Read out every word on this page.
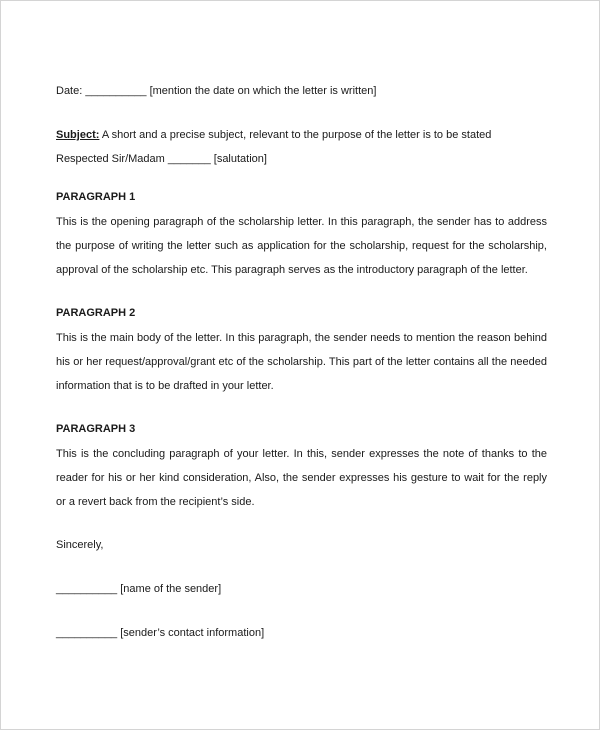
Date: __________ [mention the date on which the letter is written]

Subject: A short and a precise subject, relevant to the purpose of the letter is to be stated

Respected Sir/Madam _______ [salutation]

PARAGRAPH 1

This is the opening paragraph of the scholarship letter. In this paragraph, the sender has to address the purpose of writing the letter such as application for the scholarship, request for the scholarship, approval of the scholarship etc. This paragraph serves as the introductory paragraph of the letter.

PARAGRAPH 2

This is the main body of the letter. In this paragraph, the sender needs to mention the reason behind his or her request/approval/grant etc of the scholarship. This part of the letter contains all the needed information that is to be drafted in your letter.

PARAGRAPH 3

This is the concluding paragraph of your letter. In this, sender expresses the note of thanks to the reader for his or her kind consideration, Also, the sender expresses his gesture to wait for the reply or a revert back from the recipient’s side.

Sincerely,

__________ [name of the sender]

__________ [sender’s contact information]
